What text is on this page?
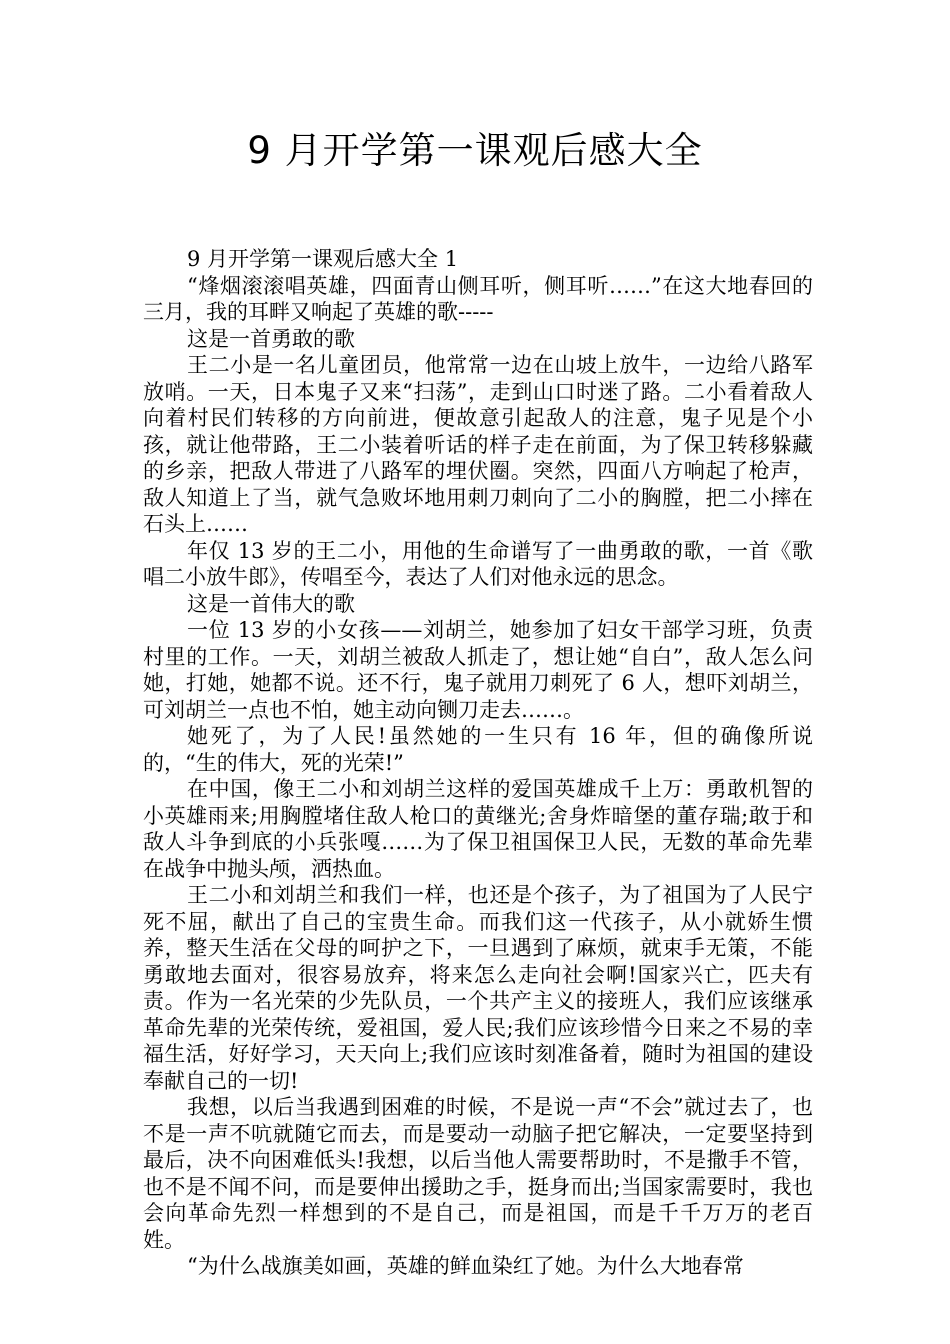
9 月开学第一课观后感大全

9 月开学第一课观后感大全 1

“烽烟滚滚唱英雄，四面青山侧耳听，侧耳听……”在这大地春回的三月，我的耳畔又响起了英雄的歌-----

这是一首勇敢的歌

王二小是一名儿童团员，他常常一边在山坡上放牛，一边给八路军放哨。一天，日本鬼子又来“扫荡”，走到山口时迷了路。二小看着敌人向着村民们转移的方向前进，便故意引起敌人的注意，鬼子见是个小孩，就让他带路，王二小装着听话的样子走在前面，为了保卫转移躲藏的乡亲，把敌人带进了八路军的埋伏圈。突然，四面八方响起了枪声，敌人知道上了当，就气急败坏地用刺刀刺向了二小的胸膛，把二小摔在石头上……

年仅 13 岁的王二小，用他的生命谱写了一曲勇敢的歌，一首《歌唱二小放牛郎》，传唱至今，表达了人们对他永远的思念。

这是一首伟大的歌

一位 13 岁的小女孩——刘胡兰，她参加了妇女干部学习班，负责村里的工作。一天，刘胡兰被敌人抓走了，想让她“自白”，敌人怎么问她，打她，她都不说。还不行，鬼子就用刀刺死了 6 人，想吓刘胡兰，可刘胡兰一点也不怕，她主动向铡刀走去……。

她死了，为了人民!虽然她的一生只有 16 年，但的确像所说的，“生的伟大，死的光荣!”

在中国，像王二小和刘胡兰这样的爱国英雄成千上万：勇敢机智的小英雄雨来;用胸膛堵住敌人枪口的黄继光;舍身炸暗堡的董存瑞;敢于和敌人斗争到底的小兵张嘎……为了保卫祖国保卫人民，无数的革命先辈在战争中抛头颅，洒热血。

王二小和刘胡兰和我们一样，也还是个孩子，为了祖国为了人民宁死不屈，献出了自己的宝贵生命。而我们这一代孩子，从小就娇生惯养，整天生活在父母的呵护之下，一旦遇到了麻烦，就束手无策，不能勇敢地去面对，很容易放弃，将来怎么走向社会啊!国家兴亡，匹夫有责。作为一名光荣的少先队员，一个共产主义的接班人，我们应该继承革命先辈的光荣传统，爱祖国，爱人民;我们应该珍惜今日来之不易的幸福生活，好好学习，天天向上;我们应该时刻准备着，随时为祖国的建设奉献自己的一切!

我想，以后当我遇到困难的时候，不是说一声“不会”就过去了，也不是一声不吭就随它而去，而是要动一动脑子把它解决，一定要坚持到最后，决不向困难低头!我想，以后当他人需要帮助时，不是撒手不管，也不是不闻不问，而是要伸出援助之手，挺身而出;当国家需要时，我也会向革命先烈一样想到的不是自己，而是祖国，而是千千万万的老百姓。

“为什么战旗美如画，英雄的鲜血染红了她。为什么大地春常
